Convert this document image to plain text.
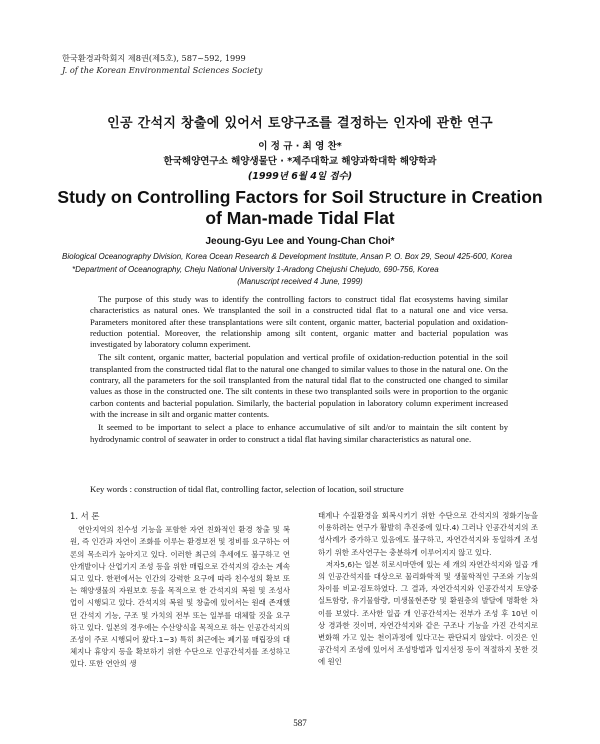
한국환경과학회지 제8권(제5호), 587~592, 1999
J. of the Korean Environmental Sciences Society
인공 간석지 창출에 있어서 토양구조를 결정하는 인자에 관한 연구
이 정 규 · 최 영 찬*
한국해양연구소 해양생물단 · *제주대학교 해양과학대학 해양학과
(1999년 6월 4일 접수)
Study on Controlling Factors for Soil Structure in Creation
of Man-made Tidal Flat
Jeoung-Gyu Lee and Young-Chan Choi*
Biological Oceanography Division, Korea Ocean Research & Development Institute, Ansan P. O. Box 29, Seoul 425-600, Korea
*Department of Oceanography, Cheju National University 1-Aradong Chejushi Chejudo, 690-756, Korea
(Manuscript received 4 June, 1999)

The purpose of this study was to identify the controlling factors to construct tidal flat ecosystems having similar characteristics as natural ones. We transplanted the soil in a constructed tidal flat to a natural one and vice versa. Parameters monitored after these transplantations were silt content, organic matter, bacterial population and oxidation-reduction potential. Moreover, the relationship among silt content, organic matter and bacterial population was investigated by laboratory column experiment.

The silt content, organic matter, bacterial population and vertical profile of oxidation-reduction potential in the soil transplanted from the constructed tidal flat to the natural one changed to similar values to those in the natural one. On the contrary, all the parameters for the soil transplanted from the natural tidal flat to the constructed one changed to similar values as those in the constructed one. The silt contents in these two transplanted soils were in proportion to the organic carbon contents and bacterial population. Similarly, the bacterial population in laboratory column experiment increased with the increase in silt and organic matter contents.

It seemed to be important to select a place to enhance accumulative of silt and/or to maintain the silt content by hydrodynamic control of seawater in order to construct a tidal flat having similar characteristics as natural one.

Key words : construction of tidal flat, controlling factor, selection of location, soil structure
1. 서 론

연안지역의 친수성 기능을 포함한 자연 친화적인 환경 창출 및 복원, 즉 인간과 자연이 조화를 이루는 환경보전 및 정비를 요구하는 여론의 목소리가 높아지고 있다. 이러한 최근의 추세에도 불구하고 연안개발이나 산업기지 조성 등을 위한 매립으로 간석지의 감소는 계속되고 있다. 한편에서는 인간의 강력한 요구에 따라 친수성의 확보 또는 해양생물의 자원보호 등을 목적으로 한 간석지의 복원 및 조성사업이 시행되고 있다. 간석지의 복원 및 창출에 있어서는 원래 존재했던 간석지 기능, 구조 및 가치의 전부 또는 일부를 대체할 것을 요구하고 있다. 일본의 경우에는 수산양식을 목적으로 하는 인공간석지의 조성이 주로 시행되어 왔다.1~3) 특히 최근에는 폐기물 매립장의 대체지나 휴양지 등을 확보하기 위한 수단으로 인공간석지를 조성하고 있다. 또한 연안의 생

태계나 수질환경을 회복시키기 위한 수단으로 간석지의 정화기능을 이용하려는 연구가 활발히 추진중에 있다.4) 그러나 인공간석지의 조성사례가 증가하고 있음에도 불구하고, 자연간석지와 동일하게 조성하기 위한 조사연구는 충분하게 이루어지지 않고 있다.

저자5,6)는 일본 히로시마만에 있는 세 개의 자연간석지와 일곱 개의 인공간석지를 대상으로 물리화학적 및 생물학적인 구조와 기능의 차이를 비교·검토하였다. 그 결과, 자연간석지와 인공간석지 토양중 실트함량, 유기물함량, 미생물현존량 및 환원층의 발달에 명확한 차이를 보였다. 조사한 일곱 개 인공간석지는 전부가 조성 후 10년 이상 경과한 것이며, 자연간석지와 같은 구조나 기능을 가진 간석지로 변화해 가고 있는 천이과정에 있다고는 판단되지 않았다. 이것은 인공간석지 조성에 있어서 조성방법과 입지선정 등이 적절하지 못한 것에 원인

587
